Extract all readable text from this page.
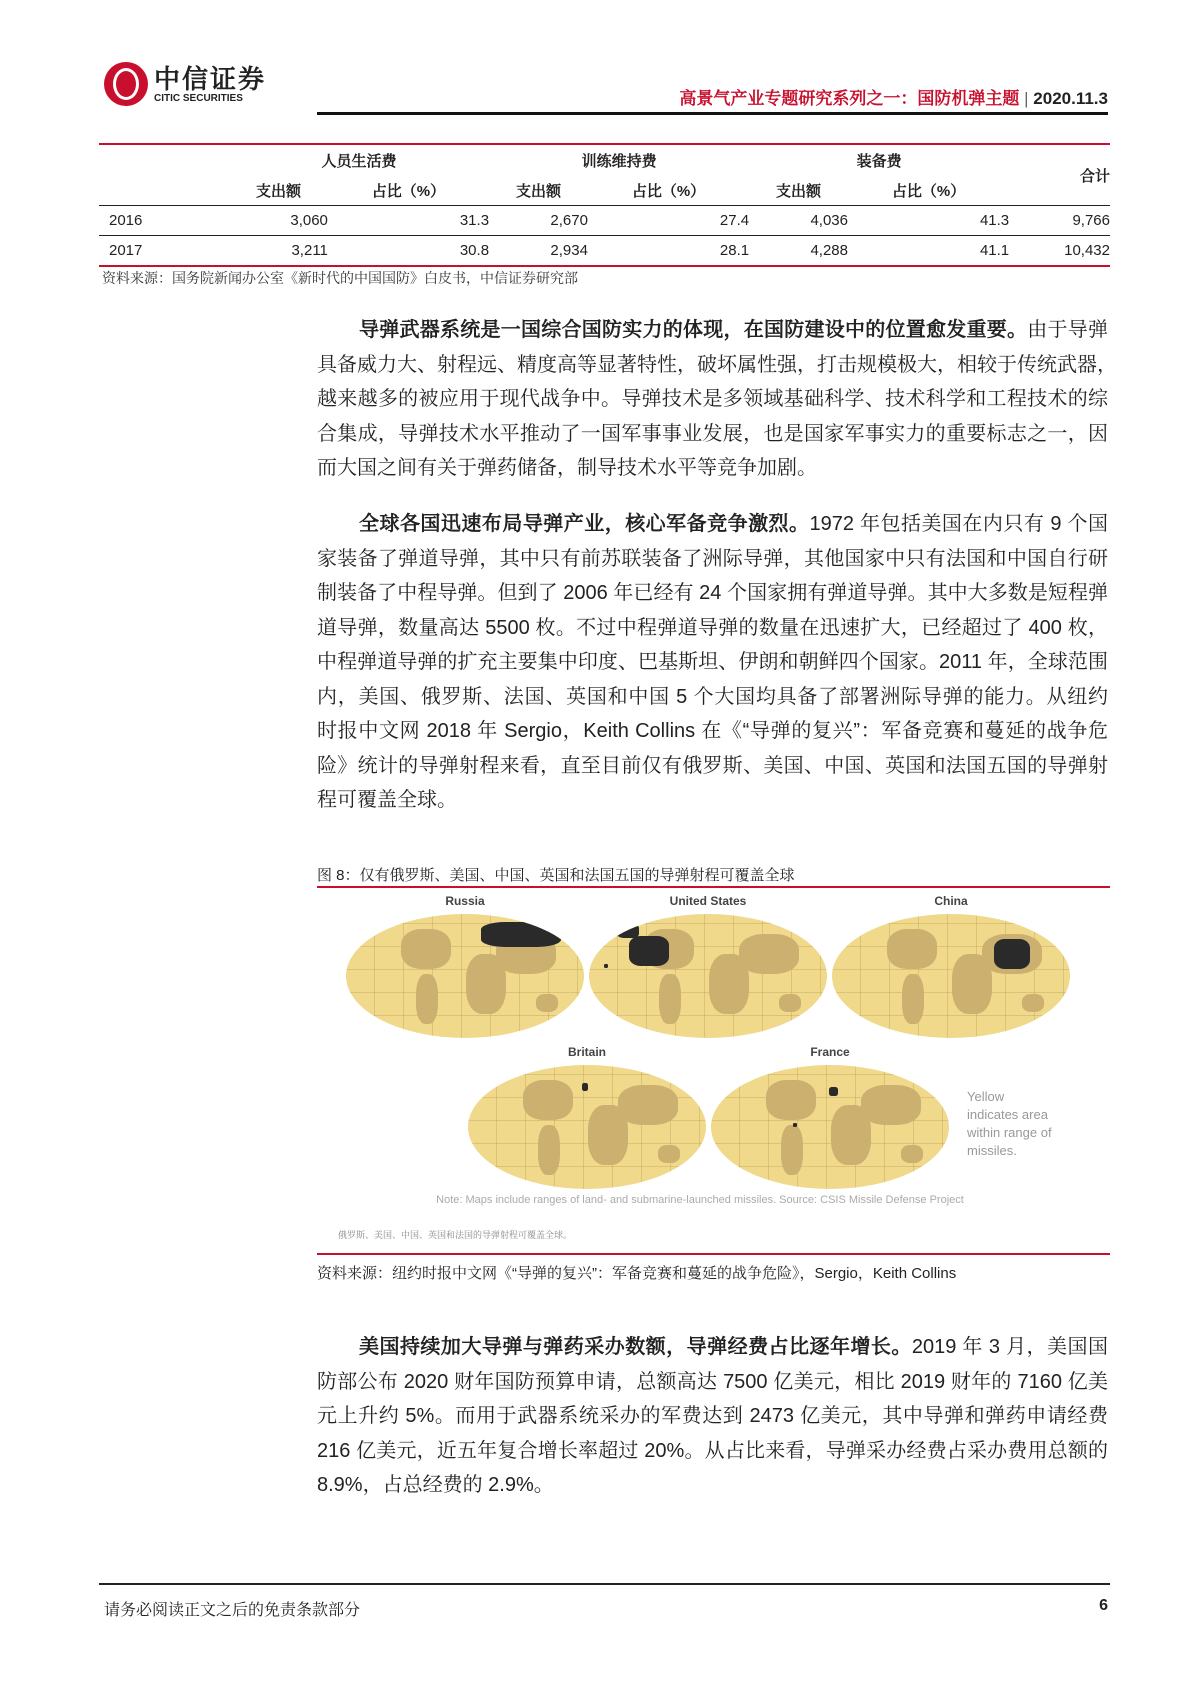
中信证券
CITIC SECURITIES	高景气产业专题研究系列之一：国防机弹主题 | 2020.11.3
	人员生活费		训练维持费		装备费		合计
	支出额	占比（%）	支出额	占比（%）	支出额	占比（%）	
2016	3,060	31.3	2,670	27.4	4,036	41.3	9,766
2017	3,211	30.8	2,934	28.1	4,288	41.1	10,432
资料来源：国务院新闻办公室《新时代的中国国防》白皮书，中信证券研究部
导弹武器系统是一国综合国防实力的体现，在国防建设中的位置愈发重要。由于导弹
具备威力大、射程远、精度高等显著特性，破坏属性强，打击规模极大，相较于传统武器，
越来越多的被应用于现代战争中。导弹技术是多领域基础科学、技术科学和工程技术的综
合集成，导弹技术水平推动了一国军事事业发展，也是国家军事实力的重要标志之一，因
而大国之间有关于弹药储备，制导技术水平等竞争加剧。
全球各国迅速布局导弹产业，核心军备竞争激烈。1972 年包括美国在内只有 9 个国
家装备了弹道导弹，其中只有前苏联装备了洲际导弹，其他国家中只有法国和中国自行研
制装备了中程导弹。但到了 2006 年已经有 24 个国家拥有弹道导弹。其中大多数是短程弹
道导弹，数量高达 5500 枚。不过中程弹道导弹的数量在迅速扩大，已经超过了 400 枚，
中程弹道导弹的扩充主要集中印度、巴基斯坦、伊朗和朝鲜四个国家。2011 年，全球范围
内，美国、俄罗斯、法国、英国和中国 5 个大国均具备了部署洲际导弹的能力。从纽约
时报中文网 2018 年 Sergio，Keith Collins 在《“导弹的复兴”：军备竞赛和蔓延的战争危
险》统计的导弹射程来看，直至目前仅有俄罗斯、美国、中国、英国和法国五国的导弹射
程可覆盖全球。
图 8：仅有俄罗斯、美国、中国、英国和法国五国的导弹射程可覆盖全球
Russia	United States	China
Britain	France
Yellow
indicates area
within range of
missiles.
Note: Maps include ranges of land- and submarine-launched missiles. Source: CSIS Missile Defense Project
俄罗斯、美国、中国、英国和法国的导弹射程可覆盖全球。
资料来源：纽约时报中文网《“导弹的复兴”：军备竞赛和蔓延的战争危险》，Sergio，Keith Collins
美国持续加大导弹与弹药采办数额，导弹经费占比逐年增长。2019 年 3 月，美国国
防部公布 2020 财年国防预算申请，总额高达 7500 亿美元，相比 2019 财年的 7160 亿美
元上升约 5%。而用于武器系统采办的军费达到 2473 亿美元，其中导弹和弹药申请经费
216 亿美元，近五年复合增长率超过 20%。从占比来看，导弹采办经费占采办费用总额的
8.9%，占总经费的 2.9%。
请务必阅读正文之后的免责条款部分	6
